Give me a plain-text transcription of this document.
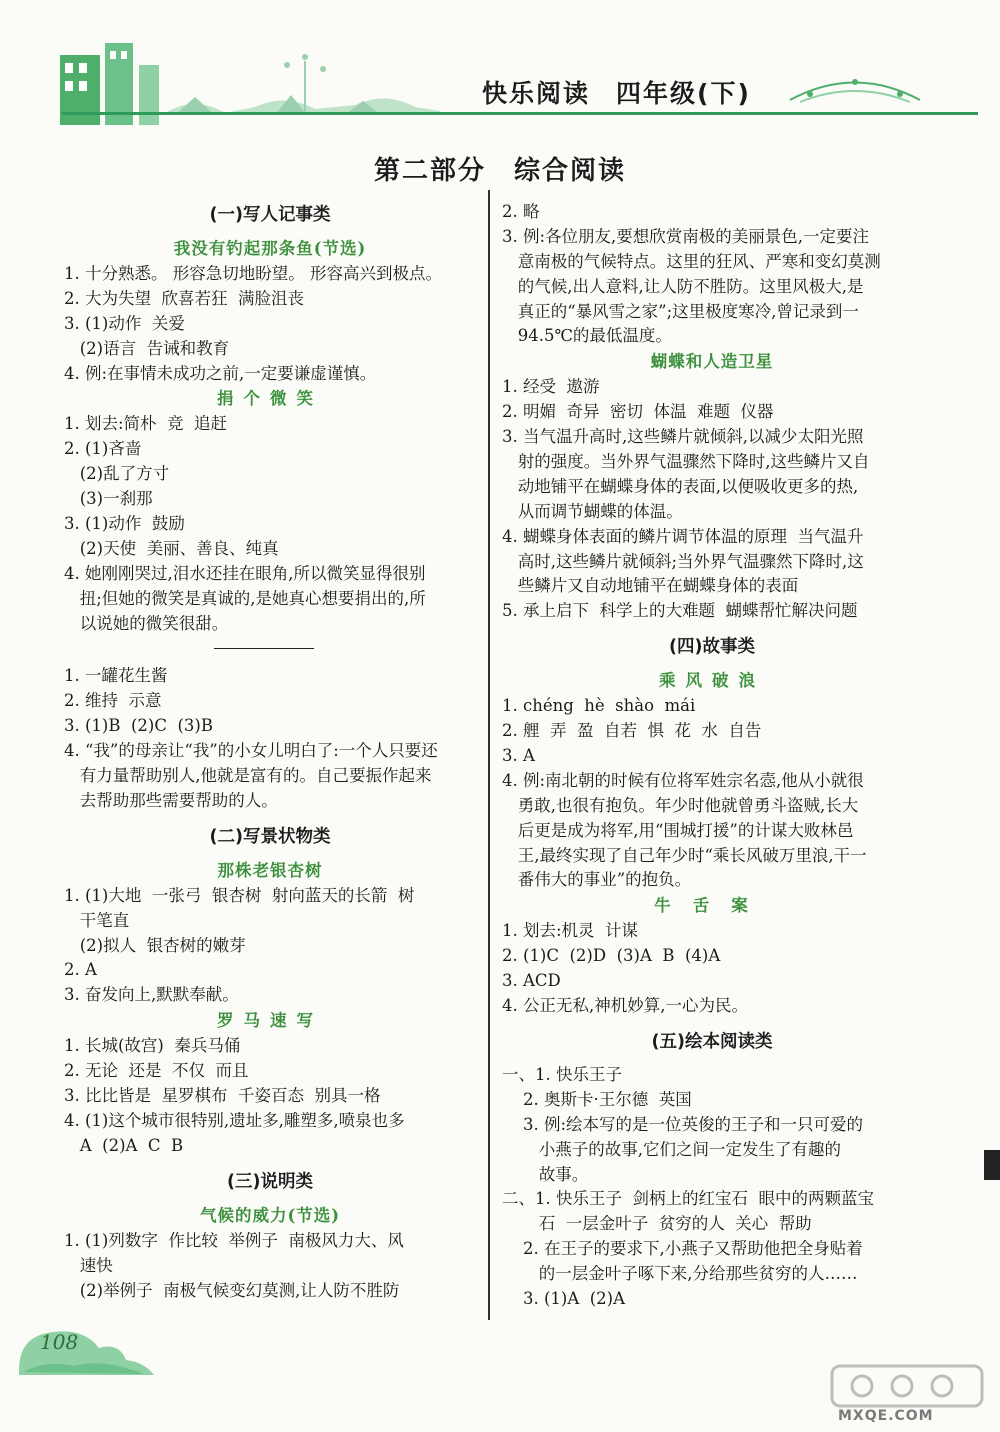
快乐阅读 四年级(下)
第二部分　综合阅读
(一)写人记事类
我没有钓起那条鱼(节选)
1. 十分熟悉。 形容急切地盼望。 形容高兴到极点。
2. 大为失望  欣喜若狂  满脸沮丧
3. (1)动作  关爱
(2)语言  告诫和教育
4. 例:在事情未成功之前,一定要谦虚谨慎。
捐个微笑
1. 划去:简朴  竞  追赶
2. (1)吝啬
(2)乱了方寸
(3)一刹那
3. (1)动作  鼓励
(2)天使  美丽、善良、纯真
4. 她刚刚哭过,泪水还挂在眼角,所以微笑显得很别
扭;但她的微笑是真诚的,是她真心想要捐出的,所
以说她的微笑很甜。
1. 一罐花生酱
2. 维持  示意
3. (1)B  (2)C  (3)B
4. “我”的母亲让“我”的小女儿明白了:一个人只要还
有力量帮助别人,他就是富有的。自己要振作起来
去帮助那些需要帮助的人。
(二)写景状物类
那株老银杏树
1. (1)大地  一张弓  银杏树  射向蓝天的长箭  树
干笔直
(2)拟人  银杏树的嫩芽
2. A
3. 奋发向上,默默奉献。
罗马速写
1. 长城(故宫)  秦兵马俑
2. 无论  还是  不仅  而且
3. 比比皆是  星罗棋布  千姿百态  别具一格
4. (1)这个城市很特别,遗址多,雕塑多,喷泉也多
A  (2)A  C  B
(三)说明类
气候的威力(节选)
1. (1)列数字  作比较  举例子  南极风力大、风
速快
(2)举例子  南极气候变幻莫测,让人防不胜防
2. 略
3. 例:各位朋友,要想欣赏南极的美丽景色,一定要注
意南极的气候特点。这里的狂风、严寒和变幻莫测
的气候,出人意料,让人防不胜防。这里风极大,是
真正的“暴风雪之家”;这里极度寒冷,曾记录到一
94.5℃的最低温度。
蝴蝶和人造卫星
1. 经受  遨游
2. 明媚  奇异  密切  体温  难题  仪器
3. 当气温升高时,这些鳞片就倾斜,以减少太阳光照
射的强度。当外界气温骤然下降时,这些鳞片又自
动地铺平在蝴蝶身体的表面,以便吸收更多的热,
从而调节蝴蝶的体温。
4. 蝴蝶身体表面的鳞片调节体温的原理  当气温升
高时,这些鳞片就倾斜;当外界气温骤然下降时,这
些鳞片又自动地铺平在蝴蝶身体的表面
5. 承上启下  科学上的大难题  蝴蝶帮忙解决问题
(四)故事类
乘风破浪
1. chéng  hè  shào  mái
2. 艃  弄  盈  自若  惧  花  水  自告
3. A
4. 例:南北朝的时候有位将军姓宗名悫,他从小就很
勇敢,也很有抱负。年少时他就曾勇斗盗贼,长大
后更是成为将军,用“围城打援”的计谋大败林邑
王,最终实现了自己年少时“乘长风破万里浪,干一
番伟大的事业”的抱负。
牛舌案
1. 划去:机灵  计谋
2. (1)C  (2)D  (3)A  B  (4)A
3. ACD
4. 公正无私,神机妙算,一心为民。
(五)绘本阅读类
一、1. 快乐王子
2. 奥斯卡·王尔德  英国
3. 例:绘本写的是一位英俊的王子和一只可爱的
小燕子的故事,它们之间一定发生了有趣的
故事。
二、1. 快乐王子  剑柄上的红宝石  眼中的两颗蓝宝
石  一层金叶子  贫穷的人  关心  帮助
2. 在王子的要求下,小燕子又帮助他把全身贴着
的一层金叶子啄下来,分给那些贫穷的人……
3. (1)A  (2)A
108
MXQE.COM
